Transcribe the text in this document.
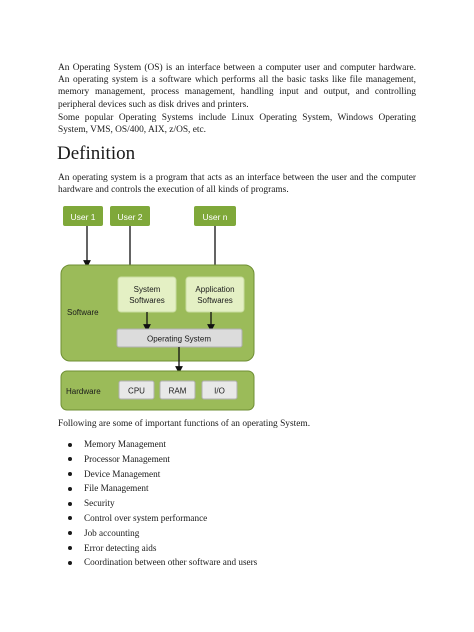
An Operating System (OS) is an interface between a computer user and computer hardware. An operating system is a software which performs all the basic tasks like file management, memory management, process management, handling input and output, and controlling peripheral devices such as disk drives and printers.

Some popular Operating Systems include Linux Operating System, Windows Operating System, VMS, OS/400, AIX, z/OS, etc.

Definition

An operating system is a program that acts as an interface between the user and the computer hardware and controls the execution of all kinds of programs.

User 1	User 2	User n
Software
System
Softwares
Application
Softwares
Operating System
Hardware	CPU	RAM	I/O

Following are some of important functions of an operating System.

Memory Management
Processor Management
Device Management
File Management
Security
Control over system performance
Job accounting
Error detecting aids
Coordination between other software and users
